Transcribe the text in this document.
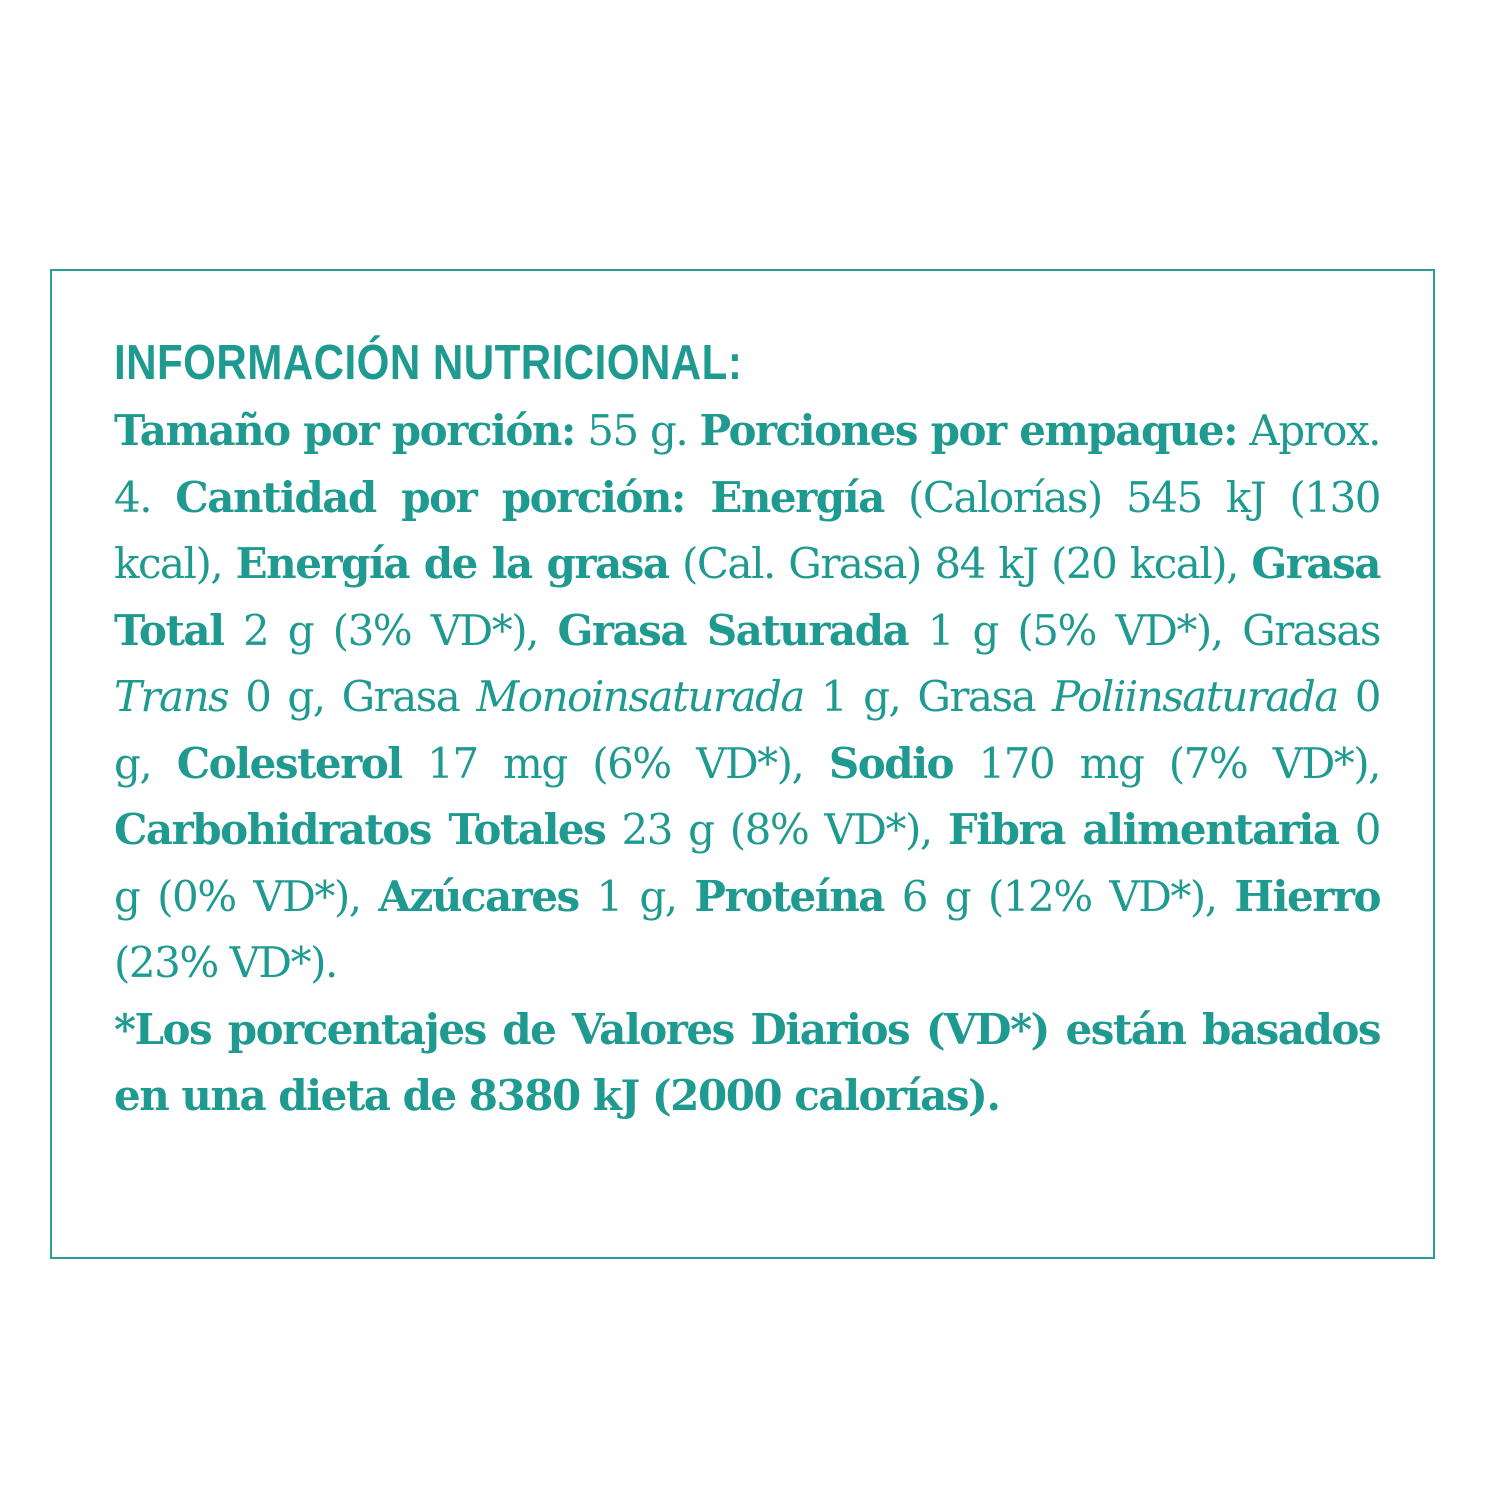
INFORMACIÓN NUTRICIONAL:

Tamaño por porción: 55 g. Porciones por empaque: Aprox. 4. Cantidad por porción: Energía (Calorías) 545 kJ (130 kcal), Energía de la grasa (Cal. Grasa) 84 kJ (20 kcal), Grasa Total 2 g (3% VD*), Grasa Saturada 1 g (5% VD*), Grasas Trans 0 g, Grasa Monoinsaturada 1 g, Grasa Poliinsaturada 0 g, Colesterol 17 mg (6% VD*), Sodio 170 mg (7% VD*), Carbohidratos Totales 23 g (8% VD*), Fibra alimentaria 0 g (0% VD*), Azúcares 1 g, Proteína 6 g (12% VD*), Hierro (23% VD*).
*Los porcentajes de Valores Diarios (VD*) están basados en una dieta de 8380 kJ (2000 calorías).
